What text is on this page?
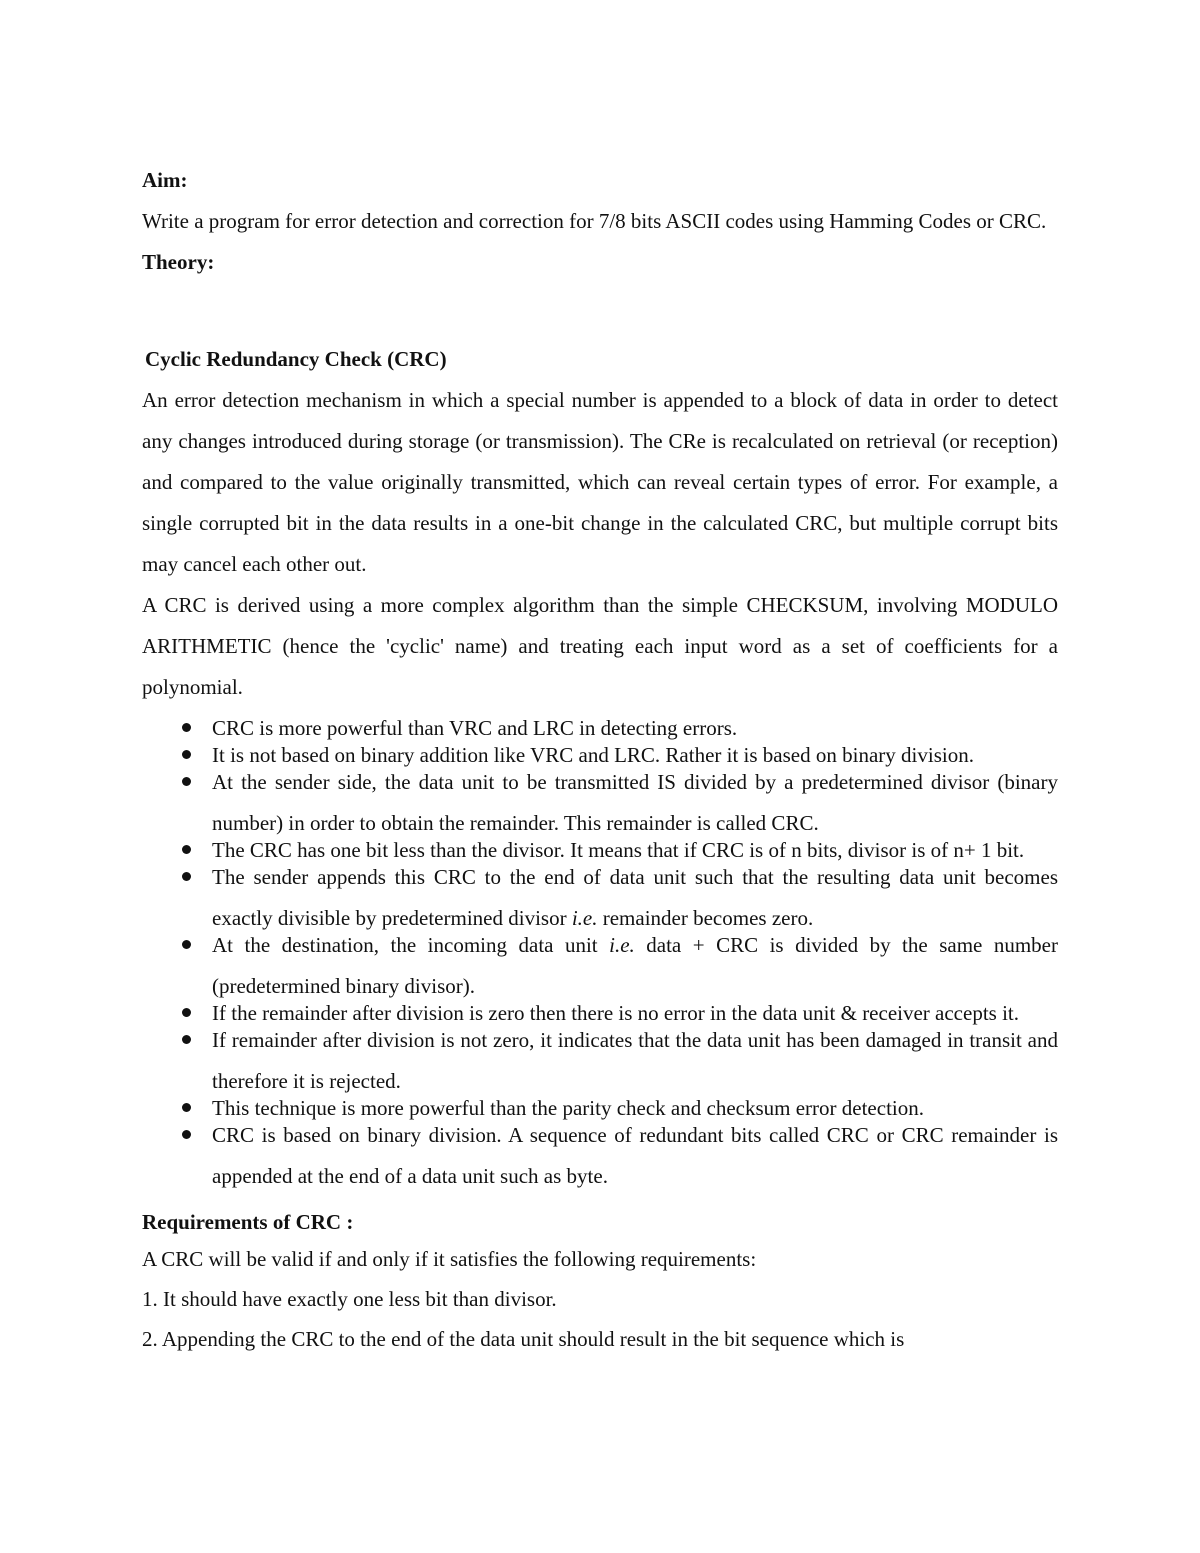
Aim:

Write a program for error detection and correction for 7/8 bits ASCII codes using Hamming Codes or CRC.

Theory:

Cyclic Redundancy Check (CRC)

An error detection mechanism in which a special number is appended to a block of data in order to detect any changes introduced during storage (or transmission). The CRe is recalculated on retrieval (or reception) and compared to the value originally transmitted, which can reveal certain types of error. For example, a single corrupted bit in the data results in a one-bit change in the calculated CRC, but multiple corrupt bits may cancel each other out.

A CRC is derived using a more complex algorithm than the simple CHECKSUM, involving MODULO ARITHMETIC (hence the 'cyclic' name) and treating each input word as a set of coefficients for a polynomial.

CRC is more powerful than VRC and LRC in detecting errors.
It is not based on binary addition like VRC and LRC. Rather it is based on binary division.
At the sender side, the data unit to be transmitted IS divided by a predetermined divisor (binary number) in order to obtain the remainder. This remainder is called CRC.
The CRC has one bit less than the divisor. It means that if CRC is of n bits, divisor is of n+ 1 bit.
The sender appends this CRC to the end of data unit such that the resulting data unit becomes exactly divisible by predetermined divisor i.e. remainder becomes zero.
At the destination, the incoming data unit i.e. data + CRC is divided by the same number (predetermined binary divisor).
If the remainder after division is zero then there is no error in the data unit & receiver accepts it.
If remainder after division is not zero, it indicates that the data unit has been damaged in transit and therefore it is rejected.
This technique is more powerful than the parity check and checksum error detection.
CRC is based on binary division. A sequence of redundant bits called CRC or CRC remainder is appended at the end of a data unit such as byte.

Requirements of CRC :

A CRC will be valid if and only if it satisfies the following requirements:

1. It should have exactly one less bit than divisor.

2. Appending the CRC to the end of the data unit should result in the bit sequence which is
